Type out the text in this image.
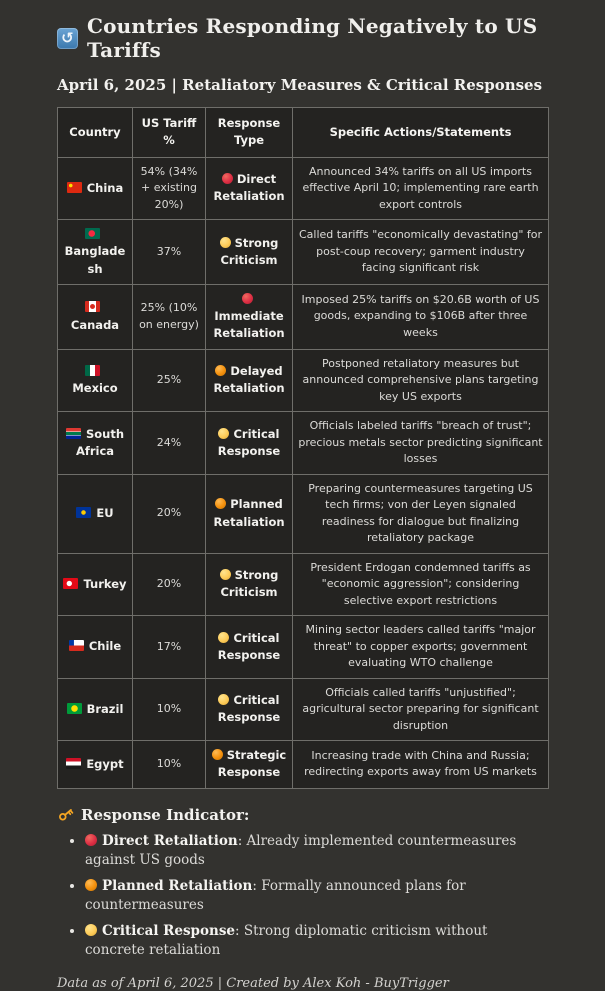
↺ Countries Responding Negatively to US Tariffs
April 6, 2025 | Retaliatory Measures & Critical Responses
Country	US Tariff %	Response Type	Specific Actions/Statements
China	54% (34% + existing 20%)	Direct Retaliation	Announced 34% tariffs on all US imports effective April 10; implementing rare earth export controls
Bangladesh	37%	Strong Criticism	Called tariffs "economically devastating" for post-coup recovery; garment industry facing significant risk
Canada	25% (10% on energy)	Immediate Retaliation	Imposed 25% tariffs on $20.6B worth of US goods, expanding to $106B after three weeks
Mexico	25%	Delayed Retaliation	Postponed retaliatory measures but announced comprehensive plans targeting key US exports
South Africa	24%	Critical Response	Officials labeled tariffs "breach of trust"; precious metals sector predicting significant losses
EU	20%	Planned Retaliation	Preparing countermeasures targeting US tech firms; von der Leyen signaled readiness for dialogue but finalizing retaliatory package
Turkey	20%	Strong Criticism	President Erdogan condemned tariffs as "economic aggression"; considering selective export restrictions
Chile	17%	Critical Response	Mining sector leaders called tariffs "major threat" to copper exports; government evaluating WTO challenge
Brazil	10%	Critical Response	Officials called tariffs "unjustified"; agricultural sector preparing for significant disruption
Egypt	10%	Strategic Response	Increasing trade with China and Russia; redirecting exports away from US markets
Response Indicator:
• Direct Retaliation: Already implemented countermeasures against US goods
• Planned Retaliation: Formally announced plans for countermeasures
• Critical Response: Strong diplomatic criticism without concrete retaliation
Data as of April 6, 2025 | Created by Alex Koh - BuyTrigger
